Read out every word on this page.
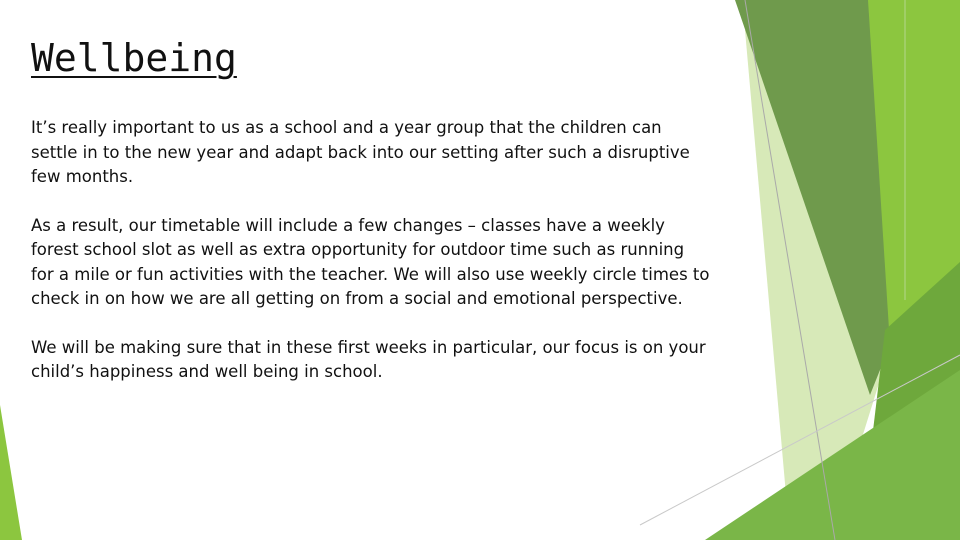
Wellbeing

It’s really important to us as a school and a year group that the children can settle in to the new year and adapt back into our setting after such a disruptive few months.

As a result, our timetable will include a few changes – classes have a weekly forest school slot as well as extra opportunity for outdoor time such as running for a mile or fun activities with the teacher. We will also use weekly circle times to check in on how we are all getting on from a social and emotional perspective.

We will be making sure that in these first weeks in particular, our focus is on your child’s happiness and well being in school.
